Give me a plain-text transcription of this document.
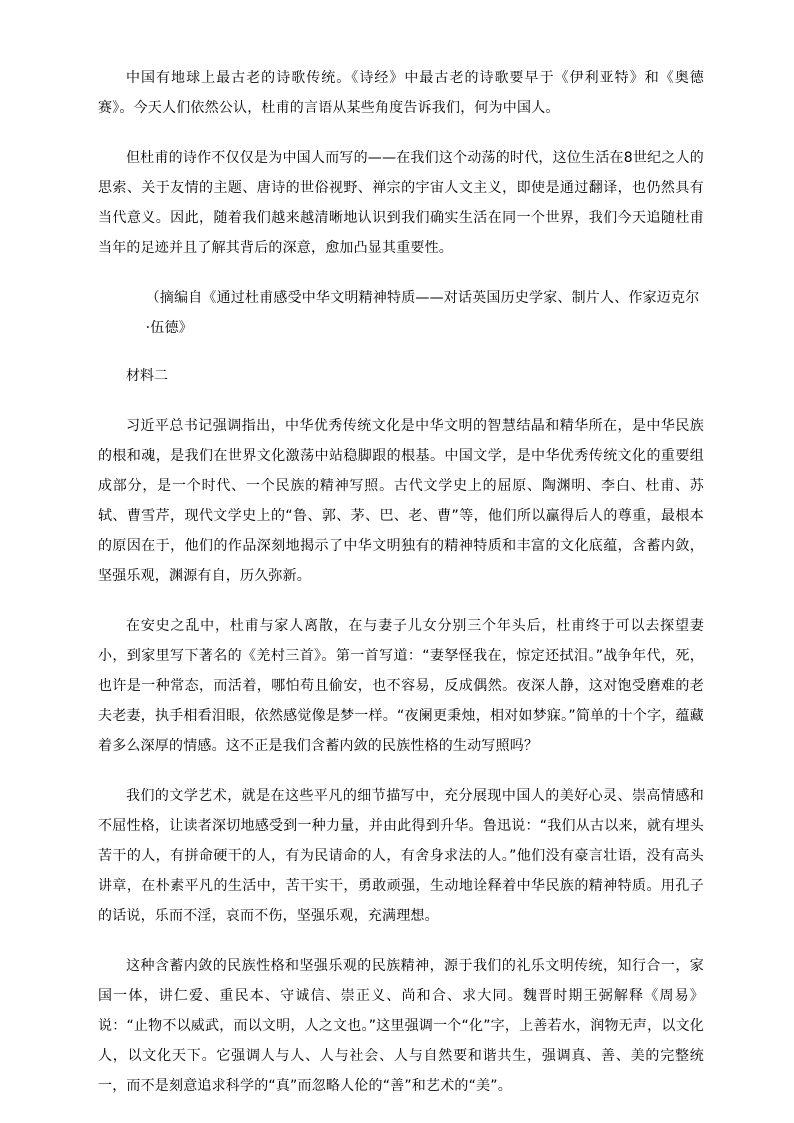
中国有地球上最古老的诗歌传统。《诗经》中最古老的诗歌要早于《伊利亚特》和《奥德赛》。今天人们依然公认，杜甫的言语从某些角度告诉我们，何为中国人。

但杜甫的诗作不仅仅是为中国人而写的——在我们这个动荡的时代，这位生活在8世纪之人的思索、关于友情的主题、唐诗的世俗视野、禅宗的宇宙人文主义，即使是通过翻译，也仍然具有当代意义。因此，随着我们越来越清晰地认识到我们确实生活在同一个世界，我们今天追随杜甫当年的足迹并且了解其背后的深意，愈加凸显其重要性。

（摘编自《通过杜甫感受中华文明精神特质——对话英国历史学家、制片人、作家迈克尔·伍德》

材料二

习近平总书记强调指出，中华优秀传统文化是中华文明的智慧结晶和精华所在，是中华民族的根和魂，是我们在世界文化激荡中站稳脚跟的根基。中国文学，是中华优秀传统文化的重要组成部分，是一个时代、一个民族的精神写照。古代文学史上的屈原、陶渊明、李白、杜甫、苏轼、曹雪芹，现代文学史上的“鲁、郭、茅、巴、老、曹”等，他们所以赢得后人的尊重，最根本的原因在于，他们的作品深刻地揭示了中华文明独有的精神特质和丰富的文化底蕴，含蓄内敛，坚强乐观，渊源有自，历久弥新。

在安史之乱中，杜甫与家人离散，在与妻子儿女分别三个年头后，杜甫终于可以去探望妻小，到家里写下著名的《羌村三首》。第一首写道：“妻孥怪我在，惊定还拭泪。”战争年代，死，也许是一种常态，而活着，哪怕苟且偷安，也不容易，反成偶然。夜深人静，这对饱受磨难的老夫老妻，执手相看泪眼，依然感觉像是梦一样。“夜阑更秉烛，相对如梦寐。”简单的十个字，蕴藏着多么深厚的情感。这不正是我们含蓄内敛的民族性格的生动写照吗？

我们的文学艺术，就是在这些平凡的细节描写中，充分展现中国人的美好心灵、崇高情感和不屈性格，让读者深切地感受到一种力量，并由此得到升华。鲁迅说：“我们从古以来，就有埋头苦干的人，有拼命硬干的人，有为民请命的人，有舍身求法的人。”他们没有豪言壮语，没有高头讲章，在朴素平凡的生活中，苦干实干，勇敢顽强，生动地诠释着中华民族的精神特质。用孔子的话说，乐而不淫，哀而不伤，坚强乐观，充满理想。

这种含蓄内敛的民族性格和坚强乐观的民族精神，源于我们的礼乐文明传统，知行合一，家国一体，讲仁爱、重民本、守诚信、崇正义、尚和合、求大同。魏晋时期王弼解释《周易》说：“止物不以威武，而以文明，人之文也。”这里强调一个“化”字，上善若水，润物无声，以文化人，以文化天下。它强调人与人、人与社会、人与自然要和谐共生，强调真、善、美的完整统一，而不是刻意追求科学的“真”而忽略人伦的“善”和艺术的“美”。
